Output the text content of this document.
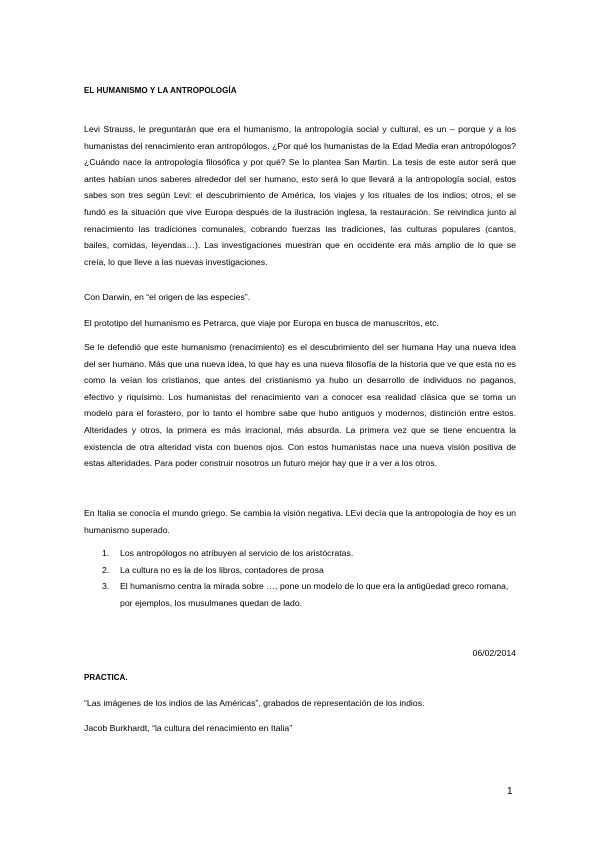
EL HUMANISMO Y LA ANTROPOLOGÍA

Levi Strauss, le preguntarán que era el humanismo, la antropología social y cultural, es un – porque y a los humanistas del renacimiento eran antropólogos. ¿Por qué los humanistas de la Edad Media eran antropólogos? ¿Cuándo nace la antropología filosófica y por qué? Se lo plantea San Martin. La tesis de este autor será que antes habían unos saberes alrededor del ser humano, esto será lo que llevará a la antropología social, estos sabes son tres según Levi: el descubrimiento de América, los viajes y los rituales de los indios; otros, el se fundó es la situación que vive Europa después de la ilustración inglesa, la restauración. Se reivindica junto al renacimiento las tradiciones comunales, cobrando fuerzas las tradiciones, las culturas populares (cantos, bailes, comidas, leyendas…). Las investigaciones muestran que en occidente era más amplio de lo que se creía, lo que lleve a las nuevas investigaciones.

Con Darwin, en “el origen de las especies”.

El prototipo del humanismo es Petrarca, que viaje por Europa en busca de manuscritos, etc.

Se le defendió que este humanismo (renacimiento) es el descubrimiento del ser humana Hay una nueva idea del ser humano. Más que una nueva idea, lo que hay es una nueva filosofía de la historia que ve que esta no es como la veían los cristianos, que antes del cristianismo ya hubo un desarrollo de individuos no paganos, efectivo y riquísimo. Los humanistas del renacimiento van a conocer esa realidad clásica que se toma un modelo para el forastero, por lo tanto el hombre sabe que hubo antiguos y modernos, distinción entre estos. Alteridades y otros, la primera es más irracional, más absurda. La primera vez que se tiene encuentra la existencia de otra alteridad vista con buenos ojos. Con estos humanistas nace una nueva visión positiva de estas alteridades. Para poder construir nosotros un futuro mejor hay que ir a ver a los otros.

En Italia se conocía el mundo griego. Se cambia la visión negativa. LEvi decía que la antropología de hoy es un humanismo superado.

1. Los antropólogos no atribuyen al servicio de los aristócratas.
2. La cultura no es la de los libros, contadores de prosa
3. El humanismo centra la mirada sobre …, pone un modelo de lo que era la antigüedad greco romana, por ejemplos, los musulmanes quedan de lado.
06/02/2014
PRACTICA.

“Las imágenes de los indios de las Américas”, grabados de representación de los indios.

Jacob Burkhardt, “la cultura del renacimiento en Italia”

1
